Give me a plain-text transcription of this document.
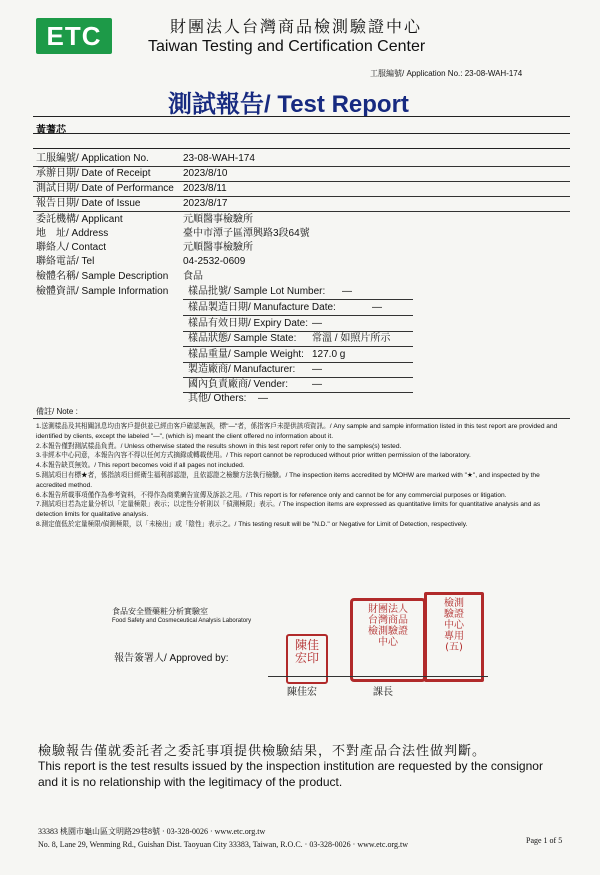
ETC	財團法人台灣商品檢測驗證中心
Taiwan Testing and Certification Center
工服編號/ Application No.: 23-08-WAH-174
測試報告/ Test Report
黃蓍芯
工服編號/ Application No.	23-08-WAH-174
承辦日期/ Date of Receipt	2023/8/10
測試日期/ Date of Performance 2023/8/11
報告日期/ Date of Issue	2023/8/17
委託機構/ Applicant	元順醫事檢驗所
地　址/ Address	臺中市潭子區潭興路3段64號
聯絡人/ Contact	元順醫事檢驗所
聯絡電話/ Tel	04-2532-0609
檢體名稱/ Sample Description 食品
檢體資訊/ Sample Information 樣品批號/ Sample Lot Number: —
樣品製造日期/ Manufacture Date:	—
樣品有效日期/ Expiry Date: —
樣品狀態/ Sample State: 常溫 / 如照片所示
樣品重量/ Sample Weight: 127.0 g
製造廠商/ Manufacturer: —
國內負責廠商/ Vender: —
其他/ Others: —
備註/ Note :
1.送測樣品及其相關訊息均由客戶提供並已經由客戶確認無誤，標"—"者，係指客戶未提供該項資訊。/ Any sample and sample information listed in this test report are provided and identified by clients, except the labeled "—", (which is) meant the client offered no information about it.
2.本報告僅對測試樣品負責。/ Unless otherwise stated the results shown in this test report refer only to the samples(s) tested.
3.非經本中心同意，本報告內容不得以任何方式摘錄或轉載使用。/ This report cannot be reproduced without prior written permission of the laboratory.
4.本報告缺頁無效。/ This report becomes void if all pages not included.
5.測試項目有標★者，係指該項目經衛生福利部認證，且依認證之檢驗方法執行檢驗。/ The inspection items accredited by MOHW are marked with "★", and inspected by the accredited method.
6.本報告所載事項僅作為參考資料，不得作為商業廣告宣傳及訴訟之用。/ This report is for reference only and cannot be for any commercial purposes or litigation.
7.測試項目若為定量分析以「定量極限」表示；以定性分析則以「偵測極限」表示。/ The inspection items are expressed as quantitative limits for quantitative analysis and as detection limits for qualitative analysis.
8.測定值低於定量極限/偵測極限，以「未檢出」或「陰性」表示之。/ This testing result will be "N.D." or Negative for Limit of Detection, respectively.
食品安全暨藥粧分析實驗室
Food Safety and Cosmeceutical Analysis Laboratory
報告簽署人/ Approved by:
陳佳
宏印
財團法人
台灣商品
檢測驗證
中心
檢測
驗證
中心
專用
(五)
陳佳宏	課長
檢驗報告僅就委託者之委託事項提供檢驗結果，不對產品合法性做判斷。
This report is the test results issued by the inspection institution are requested by the consignor and it is no relationship with the legitimacy of the product.
33383 桃園市龜山區文明路29巷8號 · 03-328-0026 · www.etc.org.tw
No. 8, Lane 29, Wenming Rd., Guishan Dist. Taoyuan City 33383, Taiwan, R.O.C. · 03-328-0026 · www.etc.org.tw	Page 1 of 5
